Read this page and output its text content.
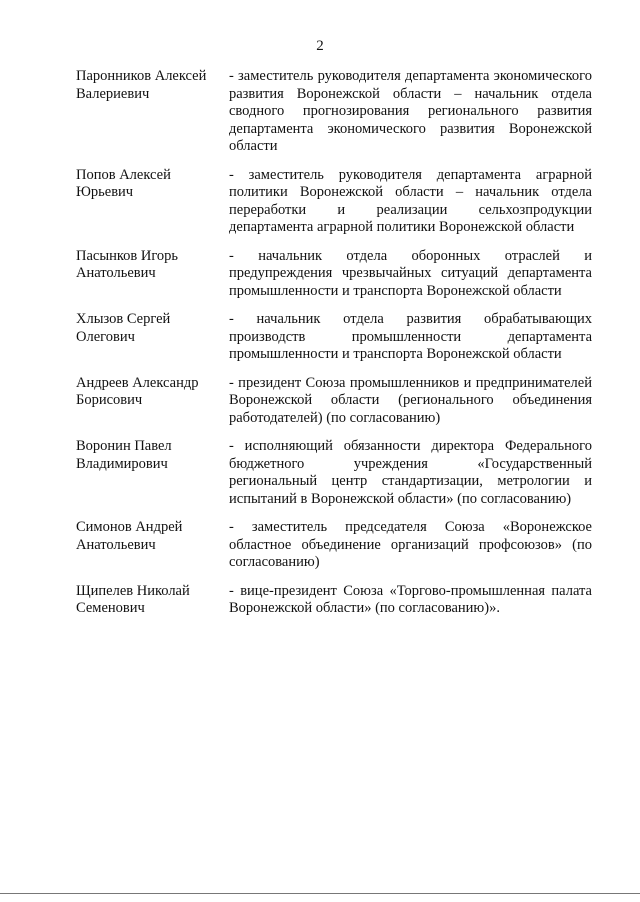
2
Паронников Алексей
Валериевич
- заместитель руководителя департамента экономического развития Воронежской области – начальник отдела сводного прогнозирования регионального развития департамента экономического развития Воронежской области
Попов Алексей
Юрьевич
- заместитель руководителя департамента аграрной политики Воронежской области – начальник отдела переработки и реализации сельхозпродукции департамента аграрной политики Воронежской области
Пасынков Игорь
Анатольевич
- начальник отдела оборонных отраслей и предупреждения чрезвычайных ситуаций департамента промышленности и транспорта Воронежской области
Хлызов Сергей
Олегович
- начальник отдела развития обрабатывающих производств промышленности департамента промышленности и транспорта Воронежской области
Андреев Александр
Борисович
- президент Союза промышленников и предпринимателей Воронежской области (регионального объединения работодателей) (по согласованию)
Воронин Павел
Владимирович
- исполняющий обязанности директора Федерального бюджетного учреждения «Государственный региональный центр стандартизации, метрологии и испытаний в Воронежской области» (по согласованию)
Симонов Андрей
Анатольевич
- заместитель председателя Союза «Воронежское областное объединение организаций профсоюзов» (по согласованию)
Щипелев Николай
Семенович
- вице-президент Союза «Торгово-промышленная палата Воронежской области» (по согласованию)».
